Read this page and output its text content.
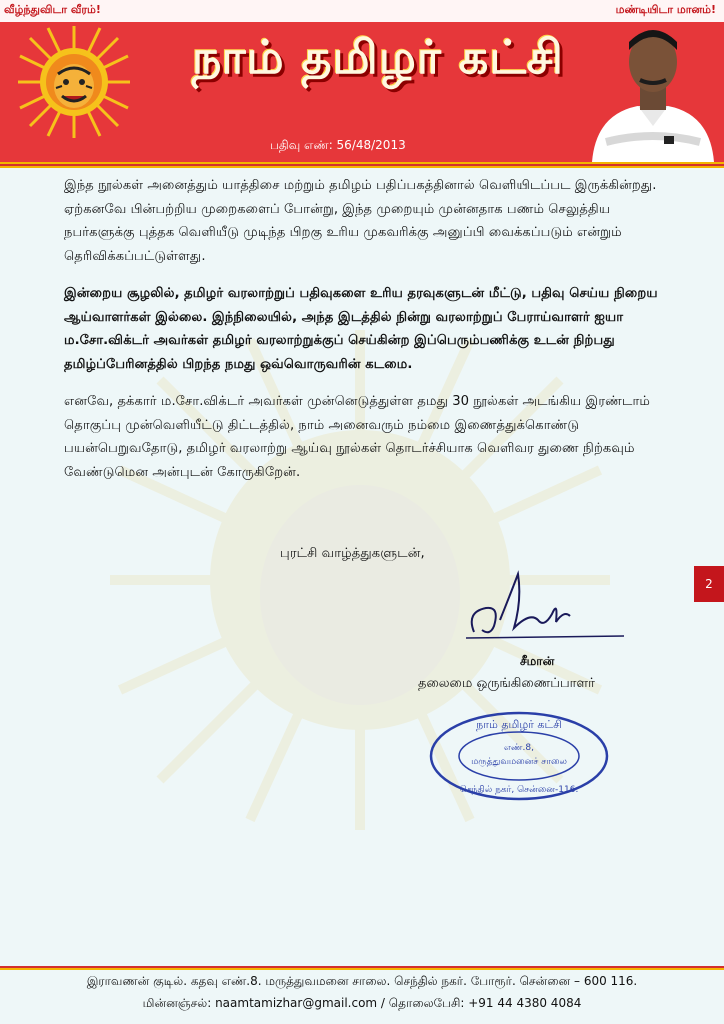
வீழ்ந்துவிடா வீரம்!	மண்டியிடா மானம்!
நாம் தமிழர் கட்சி
பதிவு எண்: 56/48/2013

இந்த நூல்கள் அனைத்தும் யாத்திசை மற்றும் தமிழம் பதிப்பகத்தினால் வெளியிடப்பட இருக்கின்றது. ஏற்கனவே பின்பற்றிய முறைகளைப் போன்று, இந்த முறையும் முன்னதாக பணம் செலுத்திய நபர்களுக்கு புத்தக வெளியீடு முடிந்த பிறகு உரிய முகவரிக்கு அனுப்பி வைக்கப்படும் என்றும் தெரிவிக்கப்பட்டுள்ளது.

இன்றைய சூழலில், தமிழர் வரலாற்றுப் பதிவுகளை உரிய தரவுகளுடன் மீட்டு, பதிவு செய்ய நிறைய ஆய்வாளர்கள் இல்லை. இந்நிலையில், அந்த இடத்தில் நின்று வரலாற்றுப் பேராய்வாளர் ஐயா ம.சோ.விக்டர் அவர்கள் தமிழர் வரலாற்றுக்குப் செய்கின்ற இப்பெரும்பணிக்கு உடன் நிற்பது தமிழ்ப்பேரினத்தில் பிறந்த நமது ஒவ்வொருவரின் கடமை.

எனவே, தக்கார் ம.சோ.விக்டர் அவர்கள் முன்னெடுத்துள்ள தமது 30 நூல்கள் அடங்கிய இரண்டாம் தொகுப்பு முன்வெளியீட்டு திட்டத்தில், நாம் அனைவரும் நம்மை இணைத்துக்கொண்டு பயன்பெறுவதோடு, தமிழர் வரலாற்று ஆய்வு நூல்கள் தொடர்ச்சியாக வெளிவர துணை நிற்கவும் வேண்டுமென அன்புடன் கோருகிறேன்.

புரட்சி வாழ்த்துகளுடன்,
2
சீமான்
தலைமை ஒருங்கிணைப்பாளர்
நாம் தமிழர் கட்சி
எண்.8,
மருத்துவமனைச் சாலை
செந்தில் நகர், சென்னை-116.
இராவணன் குடில். கதவு எண்.8. மருத்துவமனை சாலை. செந்தில் நகர். போரூர். சென்னை – 600 116.
மின்னஞ்சல்: naamtamizhar@gmail.com / தொலைபேசி: +91 44 4380 4084
